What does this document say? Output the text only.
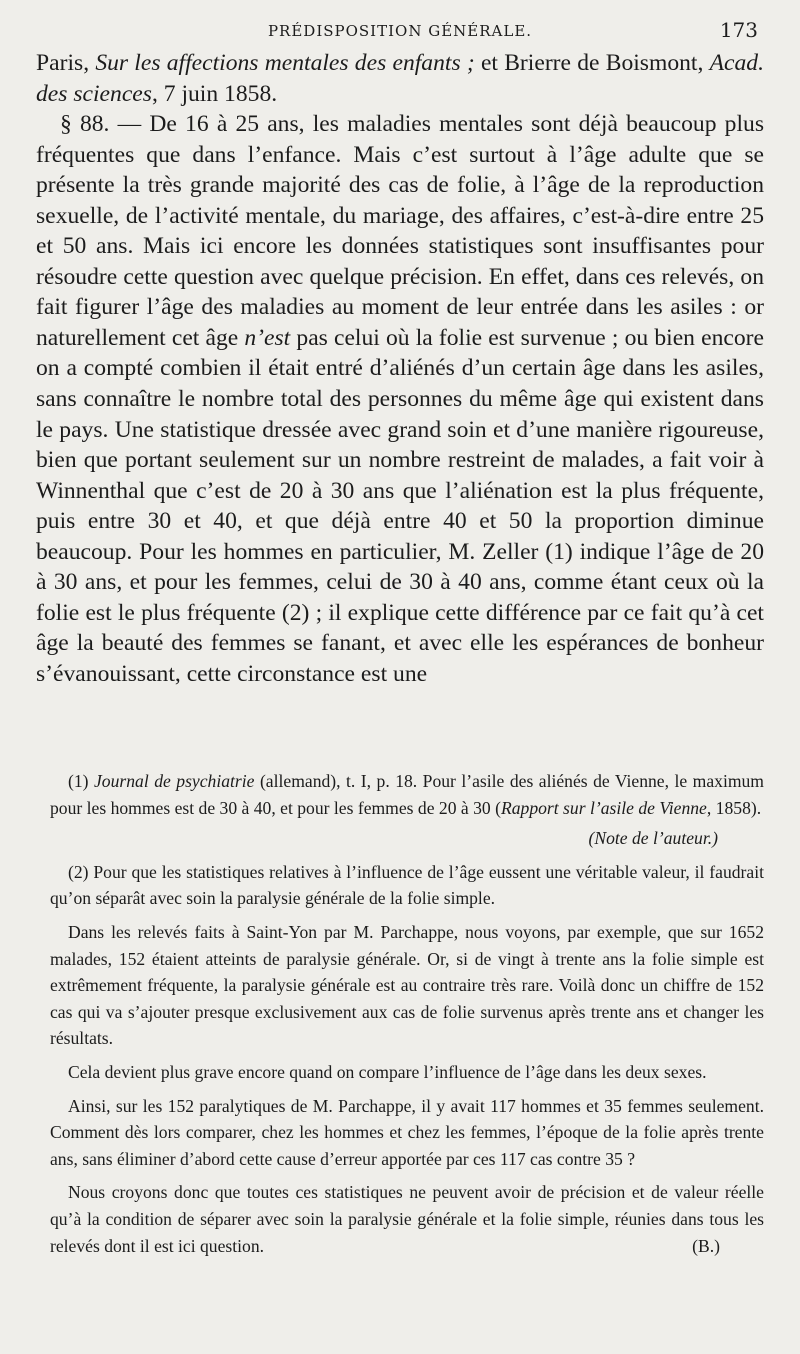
PRÉDISPOSITION GÉNÉRALE.	173

Paris, Sur les affections mentales des enfants ; et Brierre de Boismont, Acad. des sciences, 7 juin 1858.

§ 88. — De 16 à 25 ans, les maladies mentales sont déjà beaucoup plus fréquentes que dans l’enfance. Mais c’est surtout à l’âge adulte que se présente la très grande majorité des cas de folie, à l’âge de la reproduction sexuelle, de l’activité mentale, du mariage, des affaires, c’est-à-dire entre 25 et 50 ans. Mais ici encore les données statistiques sont insuffisantes pour résoudre cette question avec quelque précision. En effet, dans ces relevés, on fait figurer l’âge des maladies au moment de leur entrée dans les asiles : or naturellement cet âge n’est pas celui où la folie est survenue ; ou bien encore on a compté combien il était entré d’aliénés d’un certain âge dans les asiles, sans connaître le nombre total des personnes du même âge qui existent dans le pays. Une statistique dressée avec grand soin et d’une manière rigoureuse, bien que portant seulement sur un nombre restreint de malades, a fait voir à Winnenthal que c’est de 20 à 30 ans que l’aliénation est la plus fréquente, puis entre 30 et 40, et que déjà entre 40 et 50 la proportion diminue beaucoup. Pour les hommes en particulier, M. Zeller (1) indique l’âge de 20 à 30 ans, et pour les femmes, celui de 30 à 40 ans, comme étant ceux où la folie est le plus fréquente (2) ; il explique cette différence par ce fait qu’à cet âge la beauté des femmes se fanant, et avec elle les espérances de bonheur s’évanouissant, cette circonstance est une

(1) Journal de psychiatrie (allemand), t. I, p. 18. Pour l’asile des aliénés de Vienne, le maximum pour les hommes est de 30 à 40, et pour les femmes de 20 à 30 (Rapport sur l’asile de Vienne, 1858).

(Note de l’auteur.)

(2) Pour que les statistiques relatives à l’influence de l’âge eussent une véritable valeur, il faudrait qu’on séparât avec soin la paralysie générale de la folie simple.

Dans les relevés faits à Saint-Yon par M. Parchappe, nous voyons, par exemple, que sur 1652 malades, 152 étaient atteints de paralysie générale. Or, si de vingt à trente ans la folie simple est extrêmement fréquente, la paralysie générale est au contraire très rare. Voilà donc un chiffre de 152 cas qui va s’ajouter presque exclusivement aux cas de folie survenus après trente ans et changer les résultats.

Cela devient plus grave encore quand on compare l’influence de l’âge dans les deux sexes.

Ainsi, sur les 152 paralytiques de M. Parchappe, il y avait 117 hommes et 35 femmes seulement. Comment dès lors comparer, chez les hommes et chez les femmes, l’époque de la folie après trente ans, sans éliminer d’abord cette cause d’erreur apportée par ces 117 cas contre 35 ?

Nous croyons donc que toutes ces statistiques ne peuvent avoir de précision et de valeur réelle qu’à la condition de séparer avec soin la paralysie générale et la folie simple, réunies dans tous les relevés dont il est ici question.	(B.)
